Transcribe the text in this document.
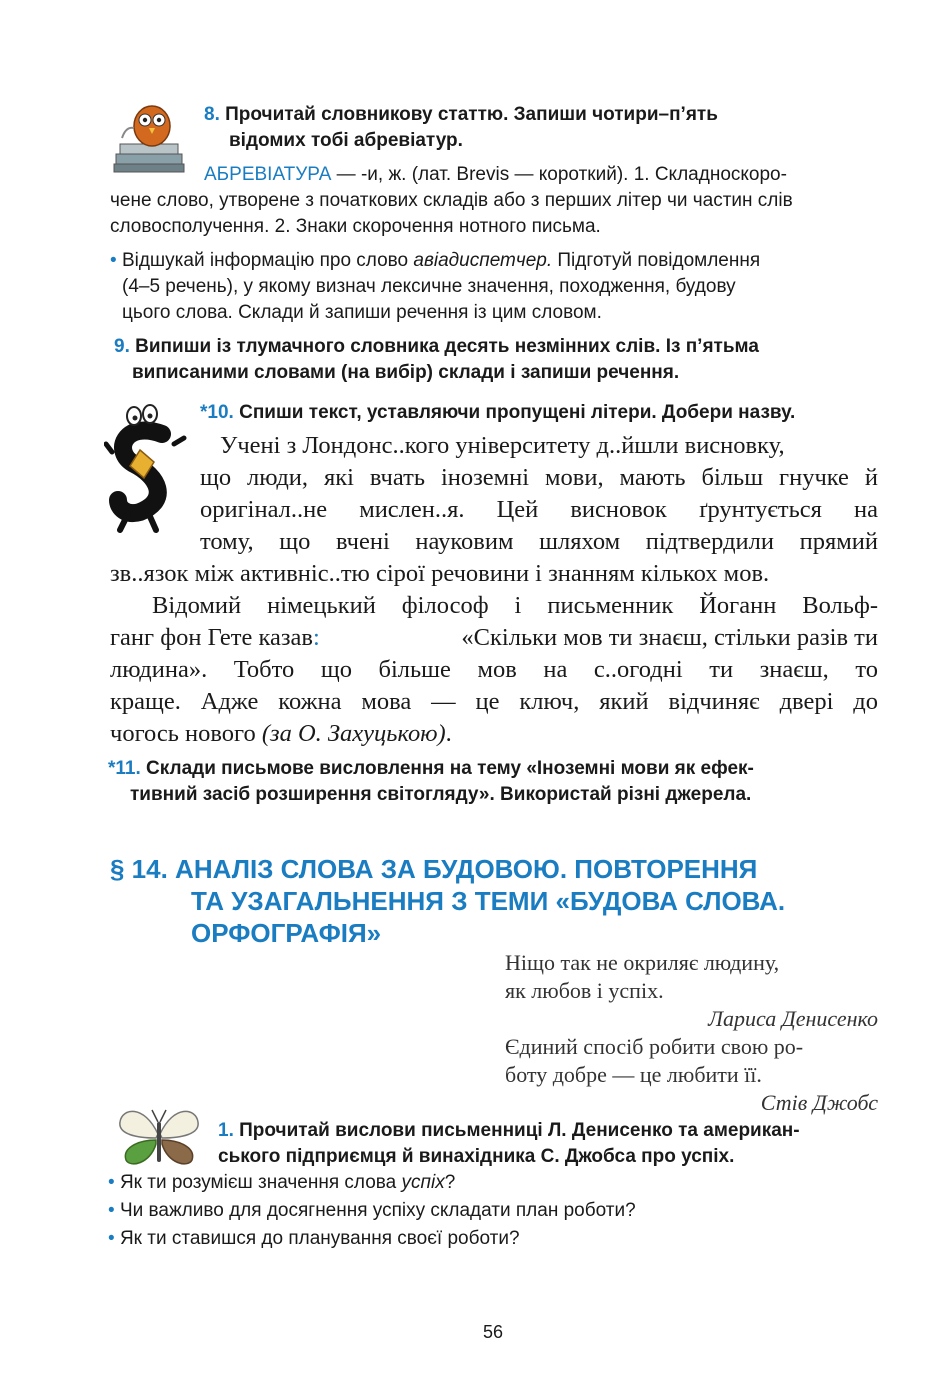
8. Прочитай словникову статтю. Запиши чотири–п’ять
відомих тобі абревіатур.
АБРЕВІАТУРА — -и, ж. (лат. Brevis — короткий). 1. Складноскоро-
чене слово, утворене з початкових складів або з перших літер чи частин слів
словосполучення. 2. Знаки скорочення нотного письма.
• Відшукай інформацію про слово авіадиспетчер. Підготуй повідомлення
(4–5 речень), у якому визнач лексичне значення, походження, будову
цього слова. Склади й запиши речення із цим словом.
9. Випиши із тлумачного словника десять незмінних слів. Із п’ятьма
виписаними словами (на вибір) склади і запиши речення.
*10. Спиши текст, уставляючи пропущені літери. Добери назву.
Учені з Лондонс..кого університету д..йшли висновку,
що люди, які вчать іноземні мови, мають більш гнучке й
оригінал..не мислен..я. Цей висновок ґрунтується на
тому, що вчені науковим шляхом підтвердили прямий
зв..язок між активніс..тю сірої речовини і знанням кількох мов.
Відомий німецький філософ і письменник Йоганн Вольф-
ганг фон Гете казав:	«Скільки мов ти знаєш, стільки разів ти
людина». Тобто що більше мов на с..огодні ти знаєш, то
краще. Адже кожна мова — це ключ, який відчиняє двері до
чогось нового (за О. Захуцькою).
*11. Склади письмове висловлення на тему «Іноземні мови як ефек-
тивний засіб розширення світогляду». Використай різні джерела.
§ 14. АНАЛІЗ СЛОВА ЗА БУДОВОЮ. ПОВТОРЕННЯ
ТА УЗАГАЛЬНЕННЯ З ТЕМИ «БУДОВА СЛОВА.
ОРФОГРАФІЯ»
Ніщо так не окриляє людину,
як любов і успіх.
Лариса Денисенко
Єдиний спосіб робити свою ро-
боту добре — це любити її.
Стів Джобс
1. Прочитай вислови письменниці Л. Денисенко та американ-
ського підприємця й винахідника С. Джобса про успіх.
• Як ти розумієш значення слова успіх?
• Чи важливо для досягнення успіху складати план роботи?
• Як ти ставишся до планування своєї роботи?
56
